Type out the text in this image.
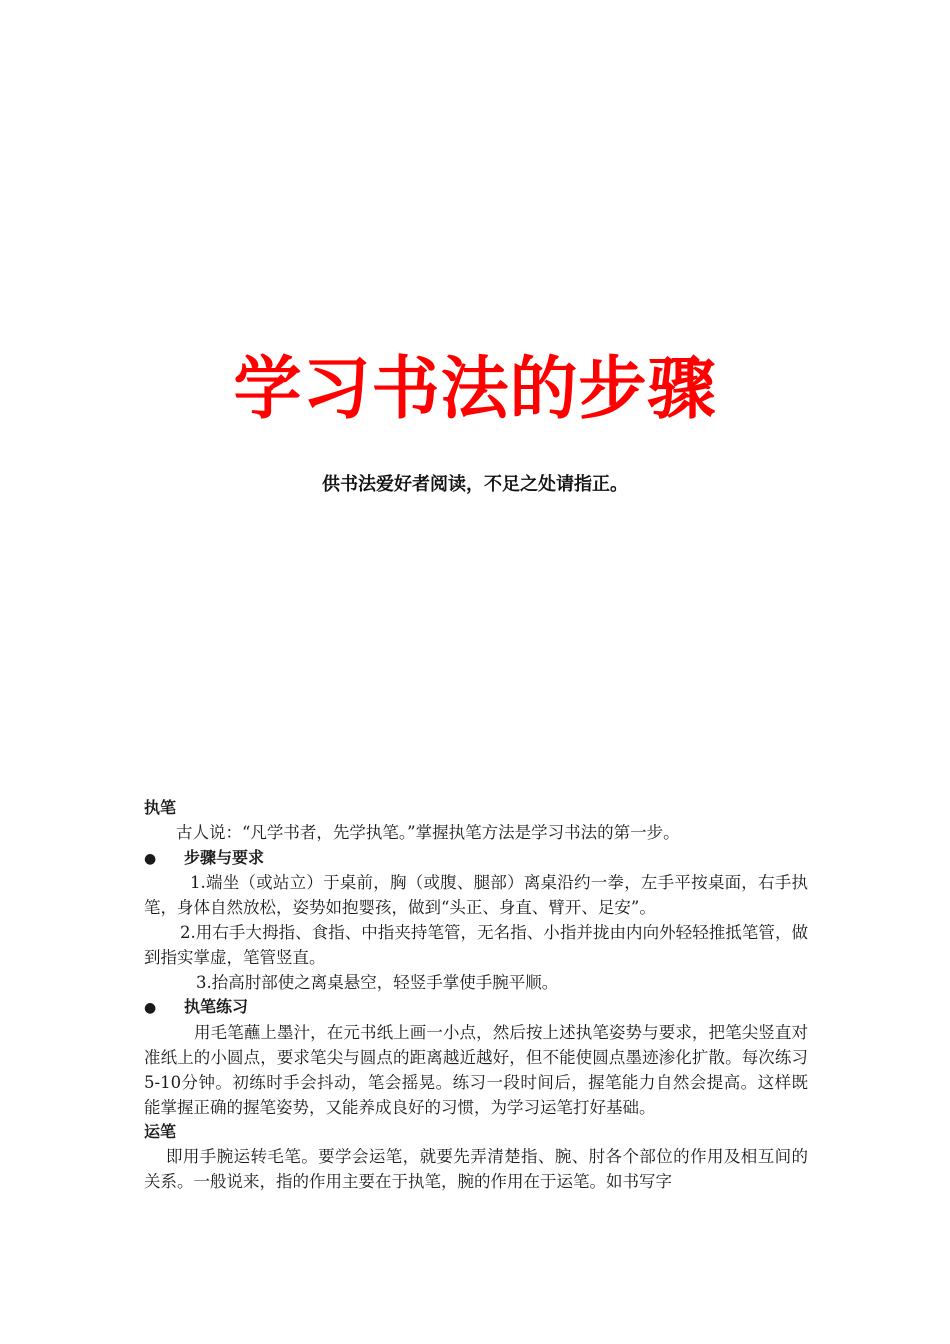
学习书法的步骤

供书法爱好者阅读，不足之处请指正。

执笔

古人说：“凡学书者，先学执笔。”掌握执笔方法是学习书法的第一步。

● 步骤与要求

1.端坐（或站立）于桌前，胸（或腹、腿部）离桌沿约一拳，左手平按桌面，右手执笔，身体自然放松，姿势如抱婴孩，做到“头正、身直、臂开、足安”。

2.用右手大拇指、食指、中指夹持笔管，无名指、小指并拢由内向外轻轻推抵笔管，做到指实掌虚，笔管竖直。

3.抬高肘部使之离桌悬空，轻竖手掌使手腕平顺。

● 执笔练习

用毛笔蘸上墨汁，在元书纸上画一小点，然后按上述执笔姿势与要求，把笔尖竖直对准纸上的小圆点，要求笔尖与圆点的距离越近越好，但不能使圆点墨迹渗化扩散。每次练习5-10分钟。初练时手会抖动，笔会摇晃。练习一段时间后，握笔能力自然会提高。这样既能掌握正确的握笔姿势，又能养成良好的习惯，为学习运笔打好基础。

运笔

即用手腕运转毛笔。要学会运笔，就要先弄清楚指、腕、肘各个部位的作用及相互间的关系。一般说来，指的作用主要在于执笔，腕的作用在于运笔。如书写字
